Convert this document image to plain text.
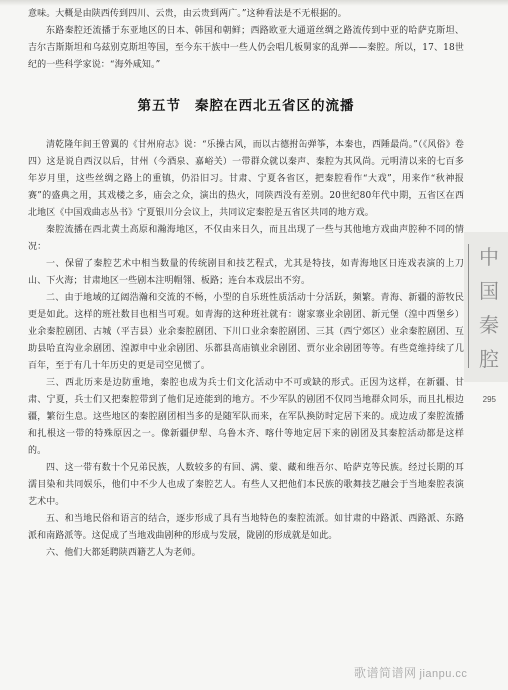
意味。大概是由陕西传到四川、云贵，由云贵到两广。”这种看法是不无根据的。

东路秦腔还流播于东亚地区的日本、韩国和朝鲜；西路欧亚大通道丝绸之路流传到中亚的哈萨克斯坦、吉尔吉斯斯坦和乌兹别克斯坦等国，至今东干族中一些人仍会唱几板舅家的乱弹——秦腔。所以，17、18世纪的一些科学家说：“海外咸知。”

第五节 秦腔在西北五省区的流播

清乾隆年间王曾翼的《甘州府志》说：“乐操古风，而以古德拊缶弹筝，本秦也，西陲最尚。”（《风俗》卷四）这是说自西汉以后，甘州（今酒泉、嘉峪关）一带群众就以秦声、秦腔为其风尚。元明清以来的七百多年岁月里，这些丝绸之路上的重镇，仍沿旧习。甘肃、宁夏各省区，把秦腔看作“大戏”，用来作“秋神报赛”的盛典之用，其戏楼之多，庙会之众，演出的热火，同陕西没有差别。20世纪80年代中期，五省区在西北地区《中国戏曲志丛书》宁夏银川分会议上，共同议定秦腔是五省区共同的地方戏。

秦腔流播在西北黄土高原和瀚海地区，不仅由来日久，而且出现了一些与其他地方戏曲声腔种不同的情况：

一、保留了秦腔艺术中相当数量的传统剧目和技艺程式，尤其是特技，如青海地区日连戏表演的上刀山、下火海；甘肃地区一些剧本注明帽翎、板路；连台本戏层出不穷。

二、由于地域的辽阔浩瀚和交流的不畅，小型的自乐班性质活动十分活跃，频繁。青海、新疆的游牧民更是如此。这样的班社数目也相当可观。如青海的这种班社就有：谢家寨业余剧团、新元堡（湟中西堡乡）业余秦腔剧团、古城（平吉县）业余秦腔剧团、下川口业余秦腔剧团、三其（西宁郊区）业余秦腔剧团、互助县哈直沟业余剧团、湟源申中业余剧团、乐都县高庙镇业余剧团、贾尔业余剧团等等。有些竟维持续了几百年，至于有几十年历史的更是司空见惯了。

三、西北历来是边防重地，秦腔也成为兵士们文化活动中不可或缺的形式。正因为这样，在新疆、甘肃、宁夏，兵士们又把秦腔带到了他们足迹能到的地方。不少军队的剧团不仅同当地群众同乐，而且扎根边疆，繁衍生息。这些地区的秦腔剧团相当多的是随军队而来，在军队换防时定居下来的。成边成了秦腔流播和扎根这一带的特殊原因之一。像新疆伊犁、乌鲁木齐、喀什等地定居下来的剧团及其秦腔活动都是这样的。

四、这一带有数十个兄弟民族，人数较多的有回、满、蒙、藏和维吾尔、哈萨克等民族。经过长期的耳濡目染和共同娱乐，他们中不少人也成了秦腔艺人。有些人又把他们本民族的歌舞技艺融会于当地秦腔表演艺术中。

五、和当地民俗和语言的结合，逐步形成了具有当地特色的秦腔流派。如甘肃的中路派、西路派、东路派和南路派等。这促成了当地戏曲剧种的形成与发展，陇剧的形成就是如此。

六、他们大都延聘陕西籍艺人为老师。

中
国
秦
腔
295
歌谱简谱网 jianpu.cc
